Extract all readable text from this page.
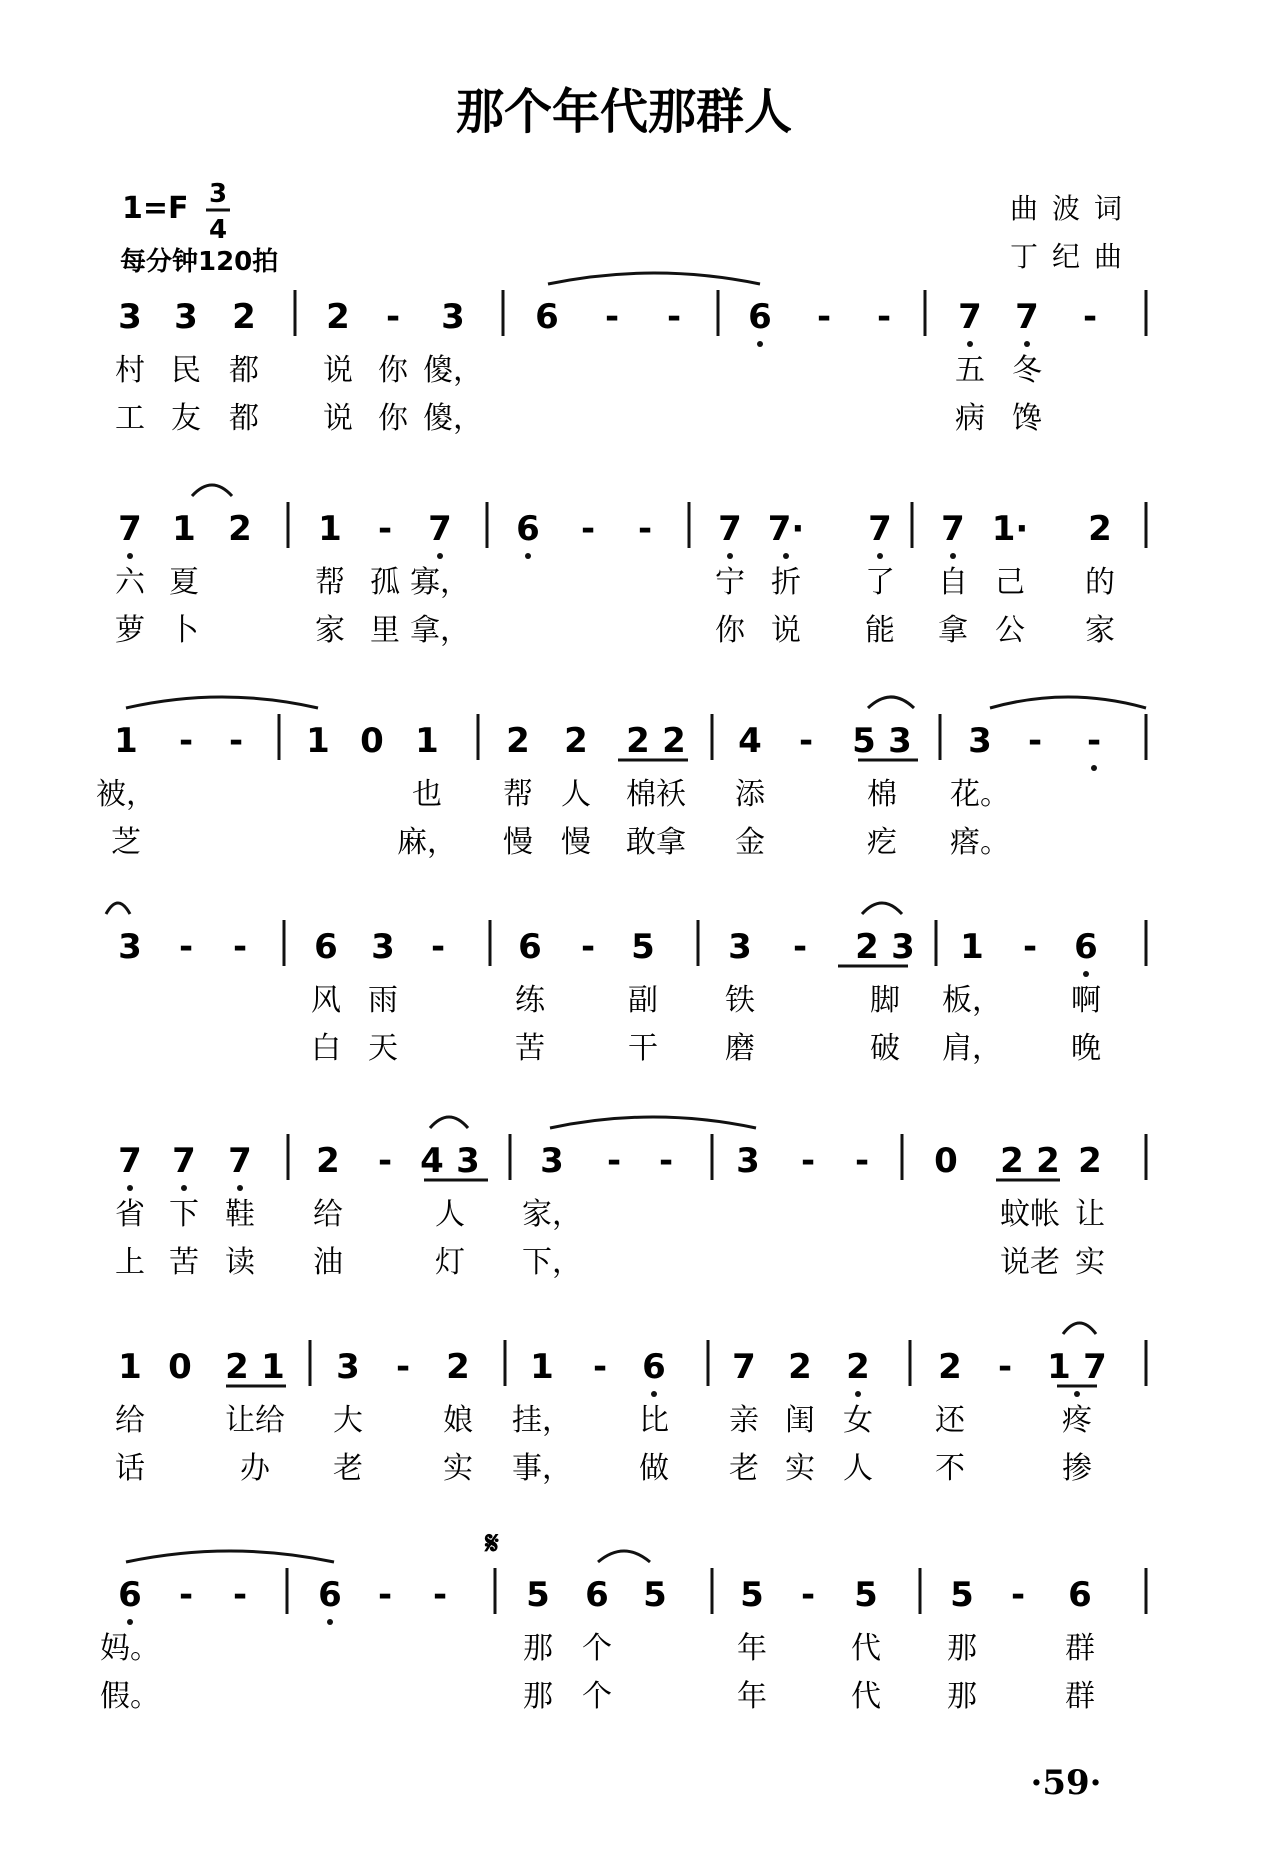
那个年代那群人
1=F 3
4
每分钟120拍
曲波词
丁纪曲
3 3 2 2 - 3 6 - - 6 - - 7 7 -
村 民 都 说 你 傻，	五 冬
工 友 都 说 你 傻，	病 馋
7 1 2 1 - 7 6 - - 7 7· 7 7 1· 2
六 夏	帮 孤 寡，	宁 折 了 自 己 的
萝 卜	家 里 拿，	你 说 能 拿 公 家
1 - - 1 0 1 2 2 2 2 4 - 5 3 3 - -
被，	也 帮 人 棉袄 添	棉 花。
芝	麻， 慢 慢 敢拿 金	疙 瘩。
3 - - 6 3 - 6 - 5 3 - 2 3 1 - 6
风 雨	练	副 铁	脚 板， 啊
白 天	苦	干 磨	破 肩， 晚
7 7 7 2 - 4 3 3 - - 3 - - 0 2 2 2
省 下 鞋 给	人 家，	蚊帐 让
上 苦 读 油	灯 下，	说老 实
1 0 2 1 3 - 2 1 - 6 7 2 2 2 - 1 7
给	让给 大	娘 挂， 比 亲 闺 女 还	疼
话	办 老	实 事， 做 老 实 人 不	掺
6 - - 6 - - 5 6 5 5 - 5 5 - 6
妈。	那 个	年	代 那	群
假。	那 个	年	代 那	群
𝄋
·59·
